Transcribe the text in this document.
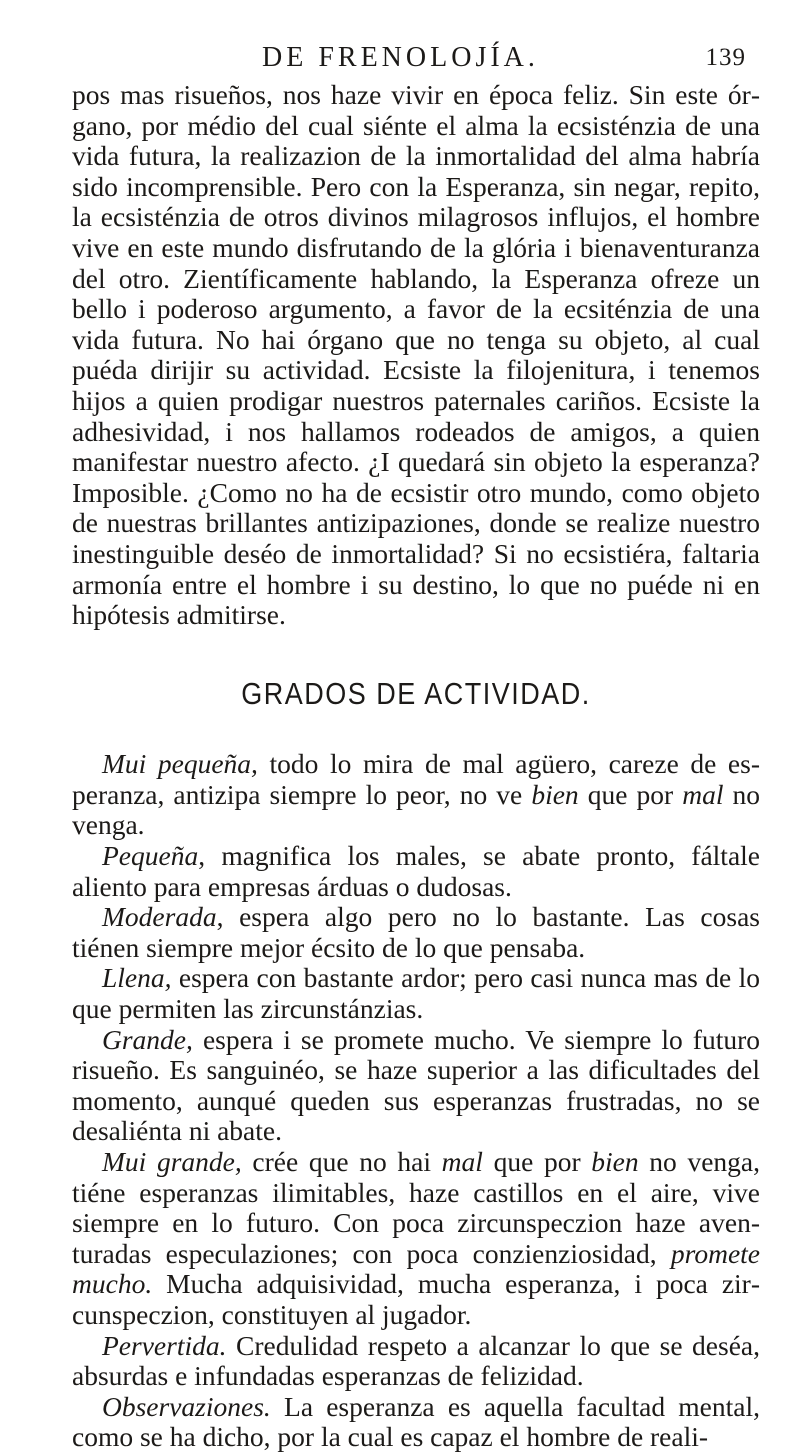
DE FRENOLOJÍA.	139

pos mas risueños, nos haze vivir en época feliz. Sin este órgano, por médio del cual siénte el alma la ecsisténzia de una vida futura, la realizazion de la inmortalidad del alma habría sido incomprensible. Pero con la Esperanza, sin negar, repito, la ecsisténzia de otros divinos milagrosos influjos, el hombre vive en este mundo disfrutando de la glória i bienaventuranza del otro. Zientíficamente hablando, la Esperanza ofreze un bello i poderoso argumento, a favor de la ecsiténzia de una vida futura. No hai órgano que no tenga su objeto, al cual puéda dirijir su actividad. Ecsiste la filojenitura, i tenemos hijos a quien prodigar nuestros paternales cariños. Ecsiste la adhesividad, i nos hallamos rodeados de amigos, a quien manifestar nuestro afecto. ¿I quedará sin objeto la esperanza? Imposible. ¿Como no ha de ecsistir otro mundo, como objeto de nuestras brillantes antizipaziones, donde se realize nuestro inestinguible deséo de inmortalidad? Si no ecsistiéra, faltaria armonía entre el hombre i su destino, lo que no puéde ni en hipótesis admitirse.

GRADOS DE ACTIVIDAD.

Mui pequeña, todo lo mira de mal agüero, careze de esperanza, antizipa siempre lo peor, no ve bien que por mal no venga.

Pequeña, magnifica los males, se abate pronto, fáltale aliento para empresas árduas o dudosas.

Moderada, espera algo pero no lo bastante. Las cosas tiénen siempre mejor écsito de lo que pensaba.

Llena, espera con bastante ardor; pero casi nunca mas de lo que permiten las zircunstánzias.

Grande, espera i se promete mucho. Ve siempre lo futuro risueño. Es sanguinéo, se haze superior a las dificultades del momento, aunqué queden sus esperanzas frustradas, no se desaliénta ni abate.

Mui grande, crée que no hai mal que por bien no venga, tiéne esperanzas ilimitables, haze castillos en el aire, vive siempre en lo futuro. Con poca zircunspeczion haze aventuradas especulaziones; con poca conzienziosidad, promete mucho. Mucha adquisividad, mucha esperanza, i poca zircunspeczion, constituyen al jugador.

Pervertida. Credulidad respeto a alcanzar lo que se deséa, absurdas e infundadas esperanzas de felizidad.

Observaziones. La esperanza es aquella facultad mental, como se ha dicho, por la cual es capaz el hombre de reali-
